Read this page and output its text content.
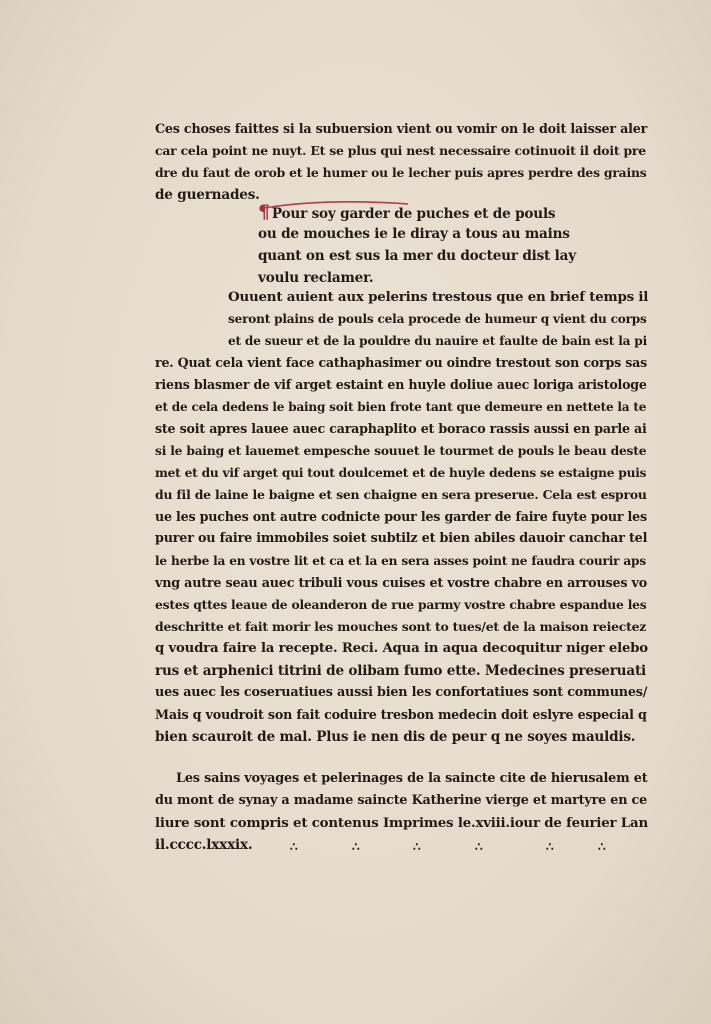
Ces choses faittes si la subuersion vient ou vomir on le doit laisser aler
car cela point ne nuyt. Et se plus qui nest necessaire cotinuoit il doit pre
dre du faut de orob et le humer ou le lecher puis apres perdre des grains
de guernades.
¶ Pour soy garder de puches et de pouls
ou de mouches ie le diray a tous au mains
quant on est sus la mer du docteur dist lay
voulu reclamer.
Ouuent auient aux pelerins trestous que en brief temps il
seront plains de pouls cela procede de humeur q vient du corps
et de sueur et de la pouldre du nauire et faulte de bain est la pi
re. Quat cela vient face cathaphasimer ou oindre trestout son corps sas
riens blasmer de vif arget estaint en huyle doliue auec loriga aristologe
et de cela dedens le baing soit bien frote tant que demeure en nettete la te
ste soit apres lauee auec caraphaplito et boraco rassis aussi en parle ai
si le baing et lauemet empesche souuet le tourmet de pouls le beau deste
met et du vif arget qui tout doulcemet et de huyle dedens se estaigne puis
du fil de laine le baigne et sen chaigne en sera preserue. Cela est esprou
ue les puches ont autre codnicte pour les garder de faire fuyte pour les
purer ou faire immobiles soiet subtilz et bien abiles dauoir canchar tel
le herbe la en vostre lit et ca et la en sera asses point ne faudra courir aps
vng autre seau auec tribuli vous cuises et vostre chabre en arrouses vo
estes qttes leaue de oleanderon de rue parmy vostre chabre espandue les
deschritte et fait morir les mouches sont to tues/et de la maison reiectez
q voudra faire la recepte. Reci. Aqua in aqua decoquitur niger elebo
rus et arphenici titrini de olibam fumo ette. Medecines preseruati
ues auec les coseruatiues aussi bien les confortatiues sont communes/
Mais q voudroit son fait coduire tresbon medecin doit eslyre especial q
bien scauroit de mal. Plus ie nen dis de peur q ne soyes mauldis.
Les sains voyages et pelerinages de la saincte cite de hierusalem et
du mont de synay a madame saincte Katherine vierge et martyre en ce
liure sont compris et contenus Imprimes le.xviii.iour de feurier Lan
il.cccc.lxxxix.	∴	∴	∴	∴	∴	∴
